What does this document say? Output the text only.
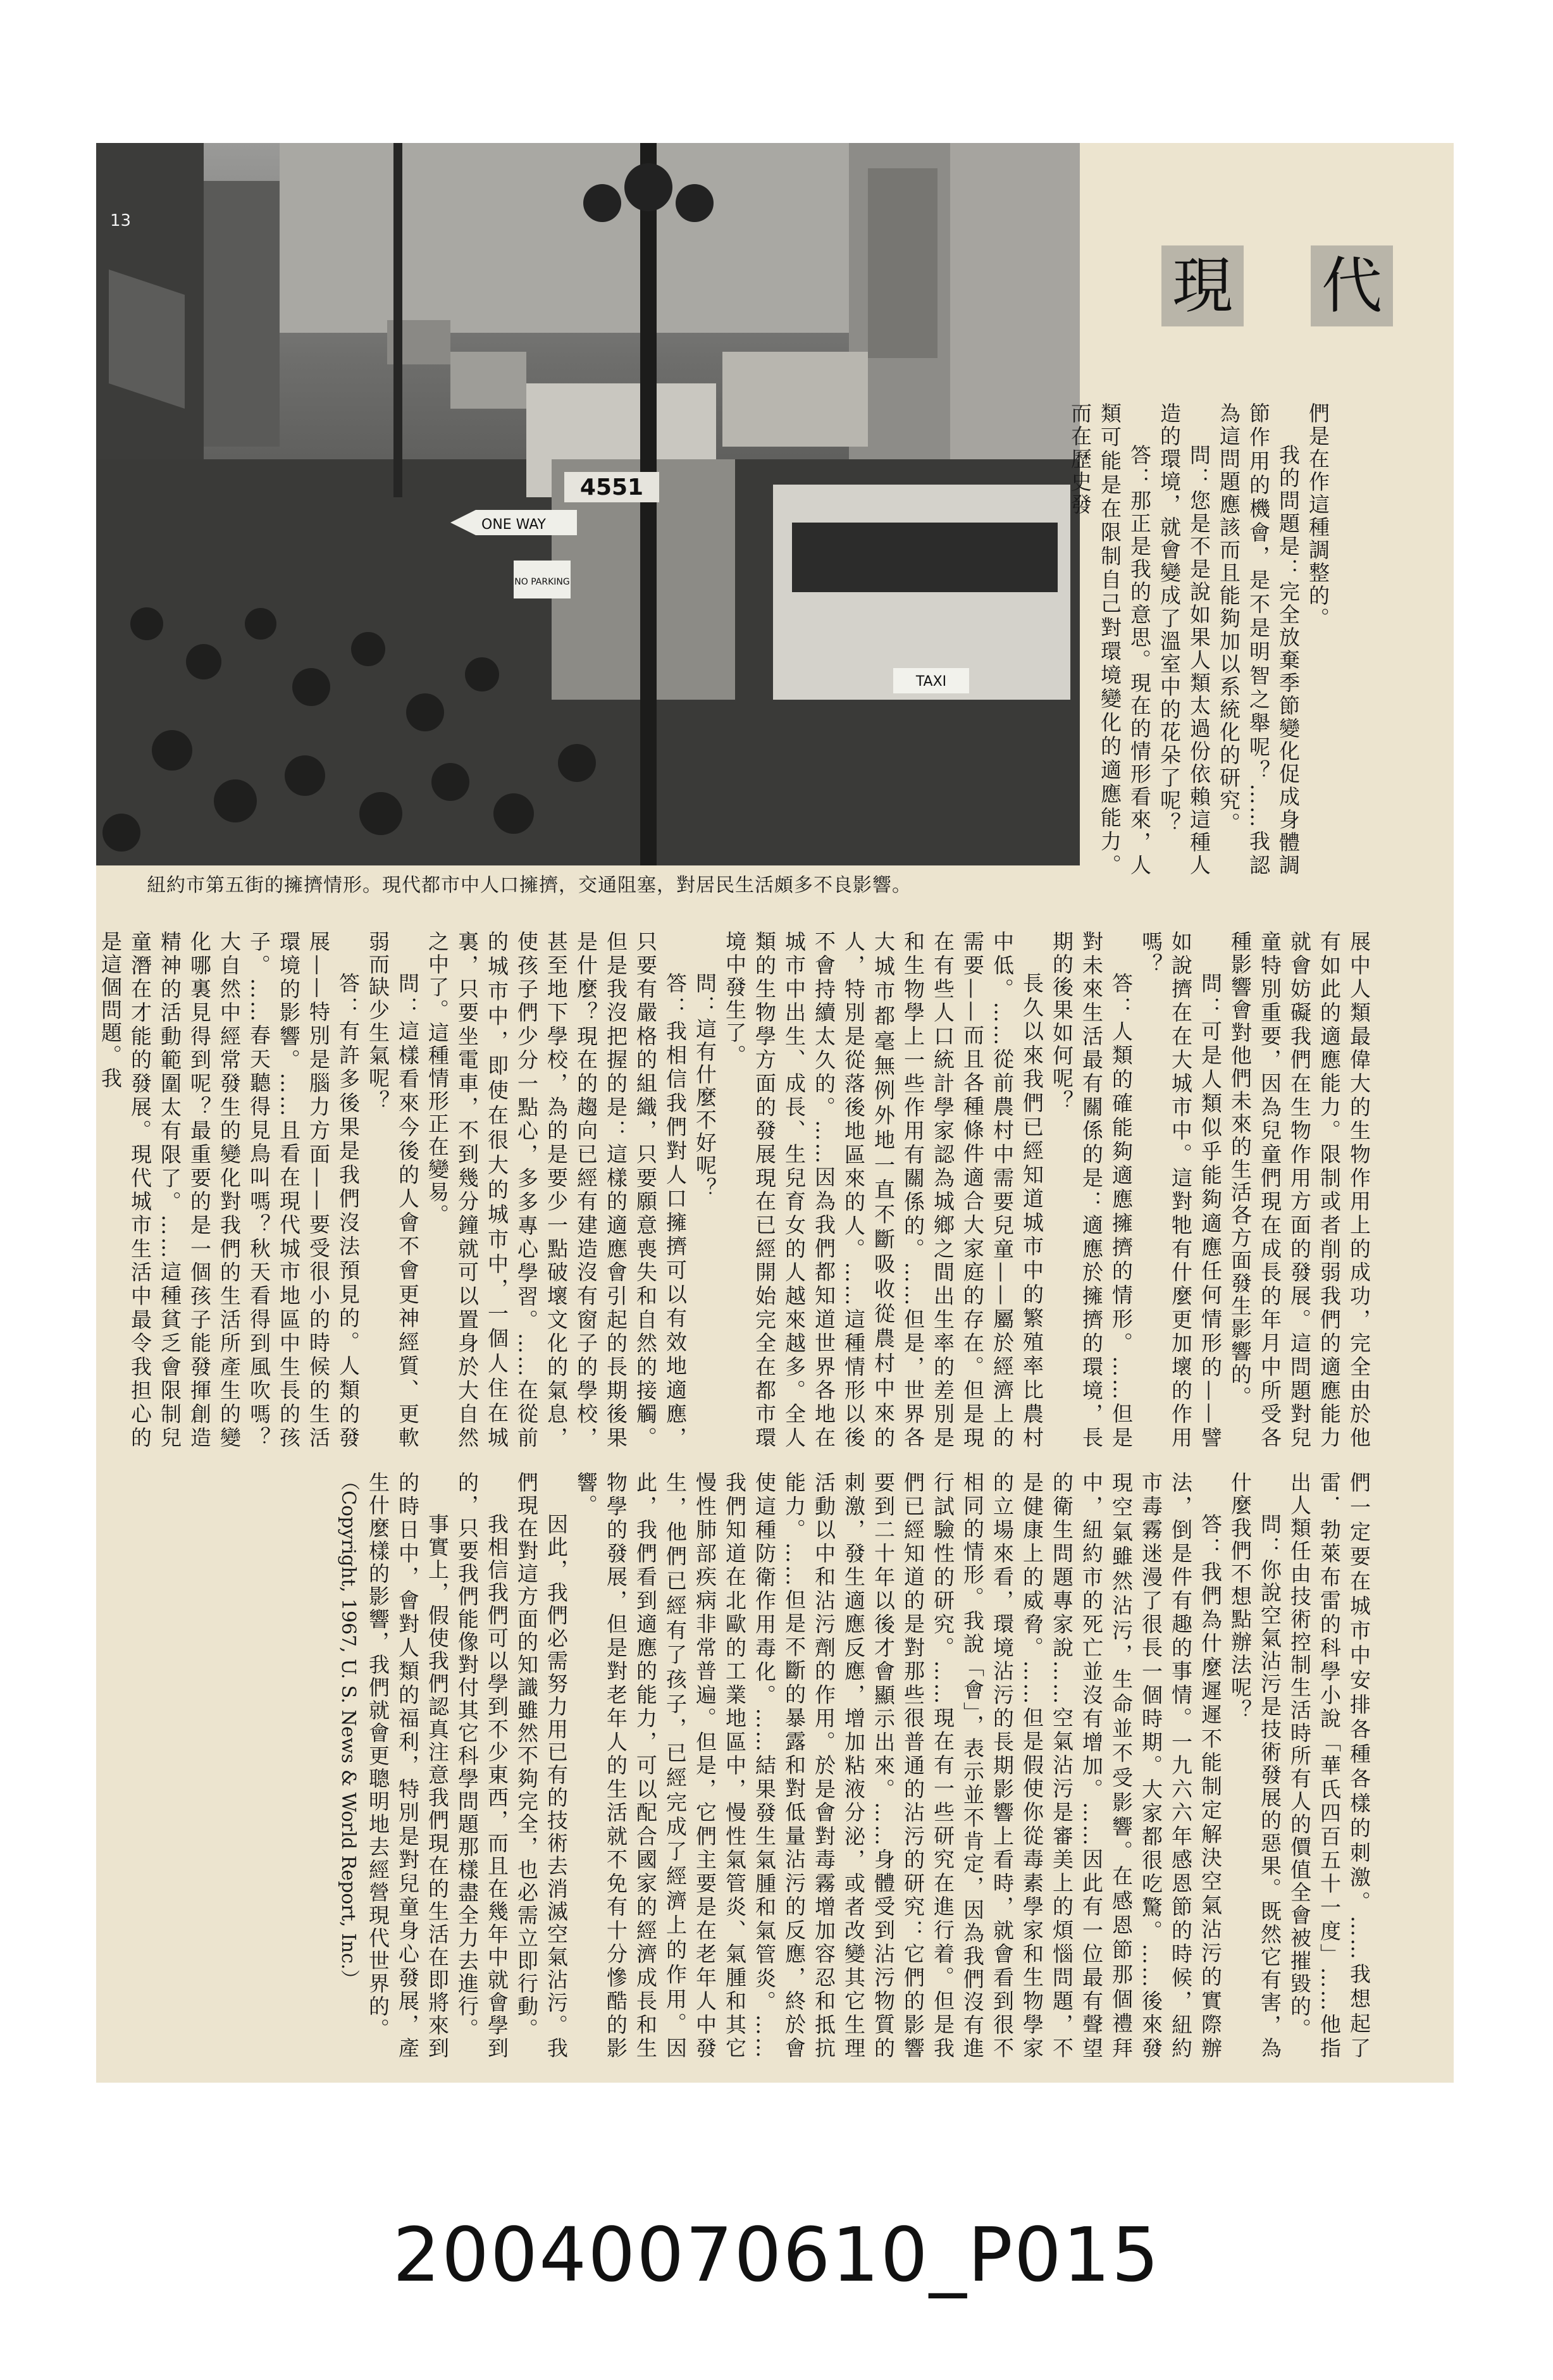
4551
ONE WAY
NO PARKING
TAXI
13
紐約市第五街的擁擠情形。現代都市中人口擁擠，交通阻塞，對居民生活頗多不良影響。
代
現

們是在作這種調整的。

我的問題是：完全放棄季節變化促成身體調節作用的機會，是不是明智之舉呢？……我認為這問題應該而且能夠加以系統化的研究。

問：您是不是說如果人類太過份依賴這種人造的環境，就會變成了溫室中的花朵了呢？

答：那正是我的意思。現在的情形看來，人類可能是在限制自己對環境變化的適應能力。而在歷史發

展中人類最偉大的生物作用上的成功，完全由於他有如此的適應能力。限制或者削弱我們的適應能力就會妨礙我們在生物作用方面的發展。這問題對兒童特別重要，因為兒童們現在成長的年月中所受各種影響會對他們未來的生活各方面發生影響的。

問：可是人類似乎能夠適應任何情形的——譬如說擠在在大城市中。這對牠有什麼更加壞的作用嗎？

答：人類的確能夠適應擁擠的情形。……但是對未來生活最有關係的是：適應於擁擠的環境，長期的後果如何呢？

長久以來我們已經知道城市中的繁殖率比農村中低。……從前農村中需要兒童——屬於經濟上的需要——而且各種條件適合大家庭的存在。但是現在有些人口統計學家認為城鄉之間出生率的差別是和生物學上一些作用有關係的。……但是，世界各大城市都毫無例外地一直不斷吸收從農村中來的人，特別是從落後地區來的人。……這種情形以後不會持續太久的。……因為我們都知道世界各地在城市中出生、成長、生兒育女的人越來越多。全人類的生物學方面的發展現在已經開始完全在都市環境中發生了。

問：這有什麼不好呢？

答：我相信我們對人口擁擠可以有效地適應，只要有嚴格的組織，只要願意喪失和自然的接觸。但是我沒把握的是：這樣的適應會引起的長期後果是什麼？現在的趨向已經有建造沒有窗子的學校，甚至地下學校，為的是要少一點破壞文化的氣息，使孩子們少分一點心，多多專心學習。……在從前的城市中，即使在很大的城市中，一個人住在城裏，只要坐電車，不到幾分鐘就可以置身於大自然之中了。這種情形正在變易。

問：這樣看來今後的人會不會更神經質、更軟弱而缺少生氣呢？

答：有許多後果是我們沒法預見的。人類的發展——特別是腦力方面——要受很小的時候的生活環境的影響。……且看在現代城市地區中生長的孩子。……春天聽得見鳥叫嗎？秋天看得到風吹嗎？大自然中經常發生的變化對我們的生活所產生的變化哪裏見得到呢？最重要的是一個孩子能發揮創造精神的活動範圍太有限了。……這種貧乏會限制兒童潛在才能的發展。現代城市生活中最令我担心的是這個問題。我

們一定要在城市中安排各種各樣的刺激。……我想起了雷．勃萊布雷的科學小說「華氏四百五十一度」……他指出人類任由技術控制生活時所有人的價值全會被摧毀的。

問：你說空氣沾污是技術發展的惡果。既然它有害，為什麼我們不想點辦法呢？

答：我們為什麼遲遲不能制定解決空氣沾污的實際辦法，倒是件有趣的事情。一九六六年感恩節的時候，紐約市毒霧迷漫了很長一個時期。大家都很吃驚。……後來發現空氣雖然沾污，生命並不受影響。在感恩節那個禮拜中，紐約市的死亡並沒有增加。……因此有一位最有聲望的衛生問題專家說……空氣沾污是審美上的煩惱問題，不是健康上的威脅。……但是假使你從毒素學家和生物學家的立場來看，環境沾污的長期影響上看時，就會看到很不相同的情形。我說「會」，表示並不肯定，因為我們沒有進行試驗性的研究。……現在有一些研究在進行着。但是我們已經知道的是對那些很普通的沾污的研究：它們的影響要到二十年以後才會顯示出來。……身體受到沾污物質的刺激，發生適應反應，增加粘液分泌，或者改變其它生理活動以中和沾污劑的作用。於是會對毒霧增加容忍和抵抗能力。……但是不斷的暴露和對低量沾污的反應，終於會使這種防衛作用毒化。……結果發生氣腫和氣管炎。……我們知道在北歐的工業地區中，慢性氣管炎、氣腫和其它慢性肺部疾病非常普遍。但是，它們主要是在老年人中發生，他們已經有了孩子，已經完成了經濟上的作用。因此，我們看到適應的能力，可以配合國家的經濟成長和生物學的發展，但是對老年人的生活就不免有十分慘酷的影響。

因此，我們必需努力用已有的技術去消滅空氣沾污。我們現在對這方面的知識雖然不夠完全，也必需立即行動。

我相信我們可以學到不少東西，而且在幾年中就會學到的，只要我們能像對付其它科學問題那樣盡全力去進行。

事實上，假使我們認真注意我們現在的生活在即將來到的時日中，會對人類的福利，特別是對兒童身心發展，產生什麼樣的影響，我們就會更聰明地去經營現代世界的。

（Copyright, 1967, U. S. News & World Report, Inc.）

20040070610_P015
